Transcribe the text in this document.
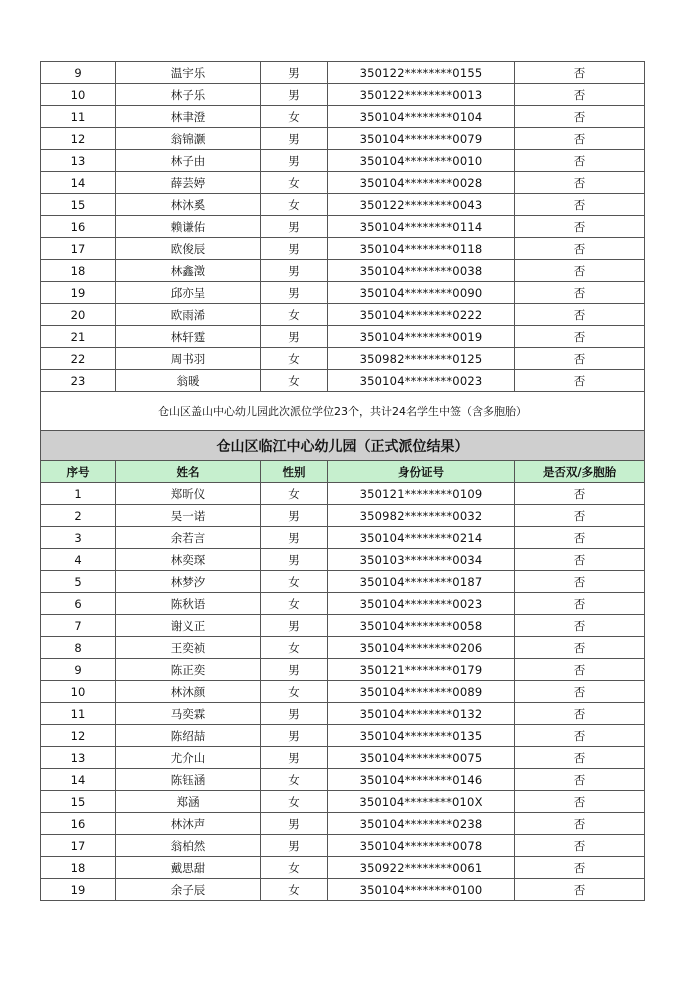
9	温宇乐	男	350122********0155	否
10	林子乐	男	350122********0013	否
11	林聿澄	女	350104********0104	否
12	翁锦灏	男	350104********0079	否
13	林子由	男	350104********0010	否
14	薛芸婷	女	350104********0028	否
15	林沐奚	女	350122********0043	否
16	赖谦佑	男	350104********0114	否
17	欧俊辰	男	350104********0118	否
18	林鑫澂	男	350104********0038	否
19	邱亦呈	男	350104********0090	否
20	欧雨浠	女	350104********0222	否
21	林轩霆	男	350104********0019	否
22	周书羽	女	350982********0125	否
23	翁暖	女	350104********0023	否
仓山区盖山中心幼儿园此次派位学位23个，共计24名学生中签（含多胞胎）				
仓山区临江中心幼儿园（正式派位结果）				
序号	姓名	性别	身份证号	是否双/多胞胎
1	郑昕仪	女	350121********0109	否
2	吴一诺	男	350982********0032	否
3	余若言	男	350104********0214	否
4	林奕琛	男	350103********0034	否
5	林梦汐	女	350104********0187	否
6	陈秋语	女	350104********0023	否
7	谢义正	男	350104********0058	否
8	王奕祯	女	350104********0206	否
9	陈正奕	男	350121********0179	否
10	林沐颜	女	350104********0089	否
11	马奕霖	男	350104********0132	否
12	陈绍喆	男	350104********0135	否
13	尤介山	男	350104********0075	否
14	陈钰涵	女	350104********0146	否
15	郑涵	女	350104********010X	否
16	林沐声	男	350104********0238	否
17	翁柏然	男	350104********0078	否
18	戴思甜	女	350922********0061	否
19	余子辰	女	350104********0100	否
